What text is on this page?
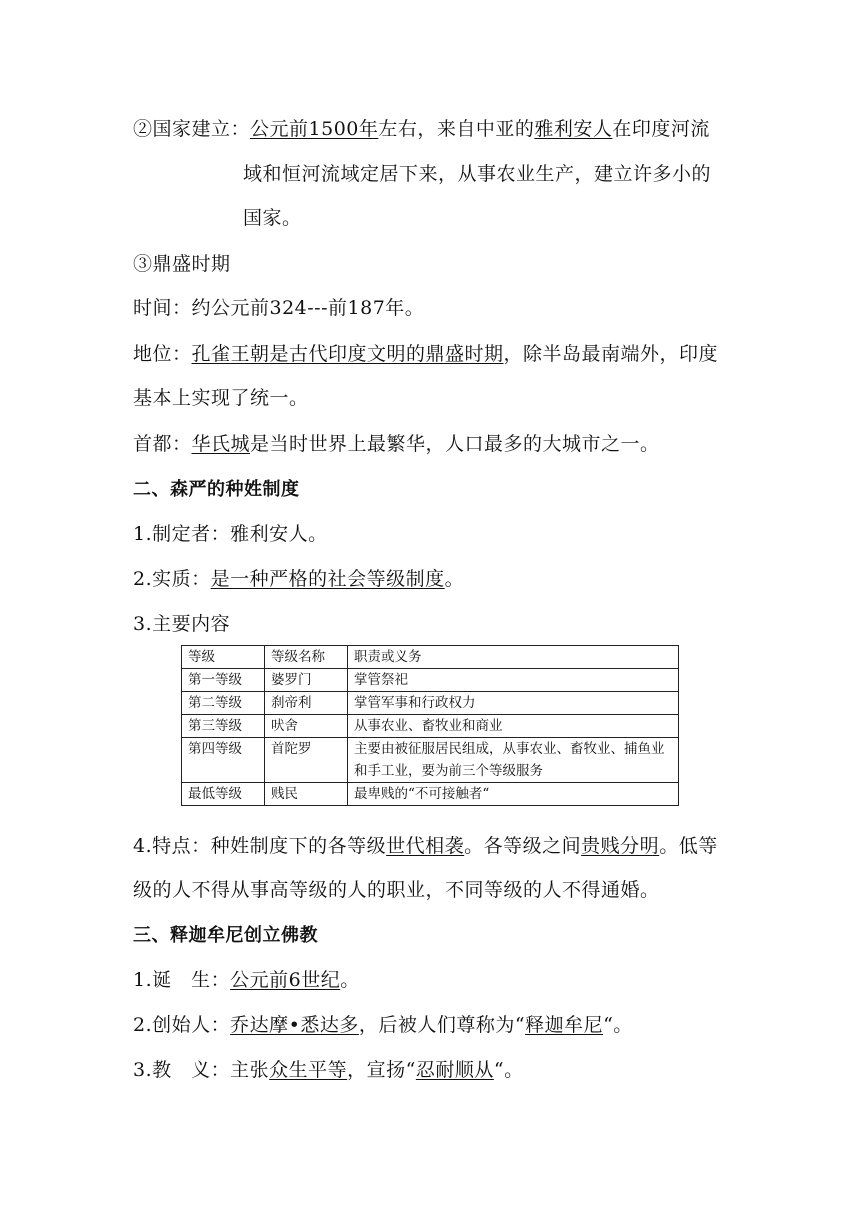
②国家建立：公元前1500年左右，来自中亚的雅利安人在印度河流
域和恒河流域定居下来，从事农业生产，建立许多小的
国家。
③鼎盛时期
时间：约公元前324---前187年。
地位：孔雀王朝是古代印度文明的鼎盛时期，除半岛最南端外，印度
基本上实现了统一。
首都：华氏城是当时世界上最繁华，人口最多的大城市之一。
二、森严的种姓制度
1.制定者：雅利安人。
2.实质：是一种严格的社会等级制度。
3.主要内容
等级	等级名称	职责或义务
第一等级	婆罗门	掌管祭祀
第二等级	刹帝利	掌管军事和行政权力
第三等级	吠舍	从事农业、畜牧业和商业
第四等级	首陀罗	主要由被征服居民组成，从事农业、畜牧业、捕鱼业和手工业，要为前三个等级服务
最低等级	贱民	最卑贱的“不可接触者“
4.特点：种姓制度下的各等级世代相袭。各等级之间贵贱分明。低等
级的人不得从事高等级的人的职业，不同等级的人不得通婚。
三、释迦牟尼创立佛教
1.诞　生：公元前6世纪。
2.创始人：乔达摩•悉达多，后被人们尊称为“释迦牟尼“。
3.教　义：主张众生平等，宣扬“忍耐顺从“。
